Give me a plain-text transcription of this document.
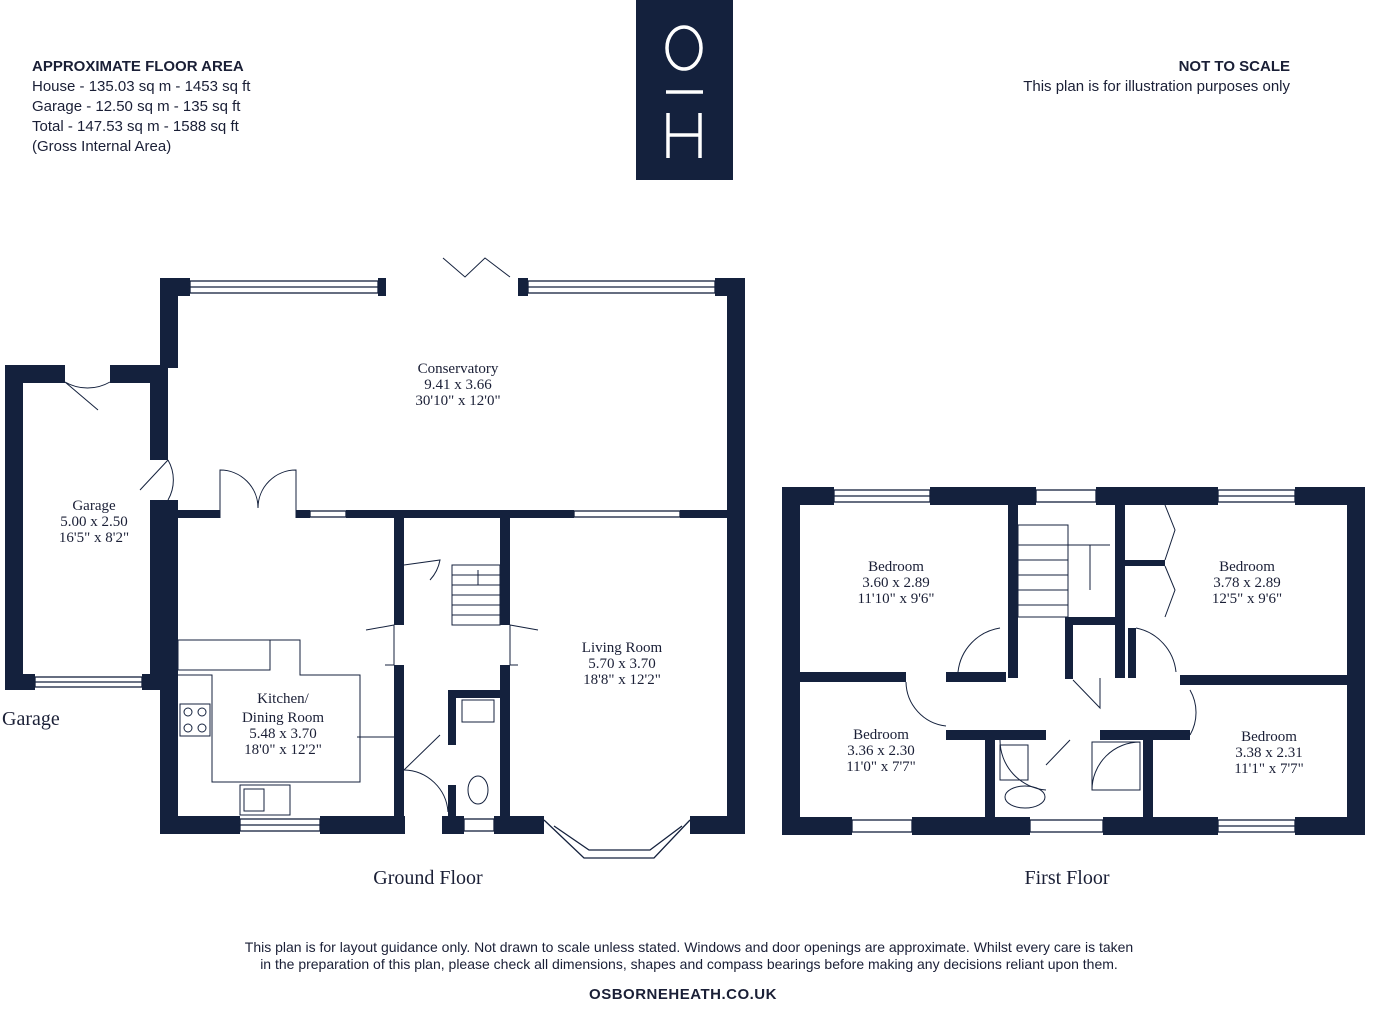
APPROXIMATE FLOOR AREA
House - 135.03 sq m - 1453 sq ft
Garage - 12.50 sq m - 135 sq ft
Total - 147.53 sq m - 1588 sq ft
(Gross Internal Area)
NOT TO SCALE
This plan is for illustration purposes only
Conservatory
9.41 x 3.66
30'10" x 12'0"
Garage
5.00 x 2.50
16'5" x 8'2"
Kitchen/
Dining Room
5.48 x 3.70
18'0" x 12'2"
Living Room
5.70 x 3.70
18'8" x 12'2"
Bedroom
3.60 x 2.89
11'10" x 9'6"
Bedroom
3.78 x 2.89
12'5" x 9'6"
Bedroom
3.36 x 2.30
11'0" x 7'7"
Bedroom
3.38 x 2.31
11'1" x 7'7"
Garage
Ground Floor	First Floor
This plan is for layout guidance only. Not drawn to scale unless stated. Windows and door openings are approximate. Whilst every care is taken
in the preparation of this plan, please check all dimensions, shapes and compass bearings before making any decisions reliant upon them.
OSBORNEHEATH.CO.UK
